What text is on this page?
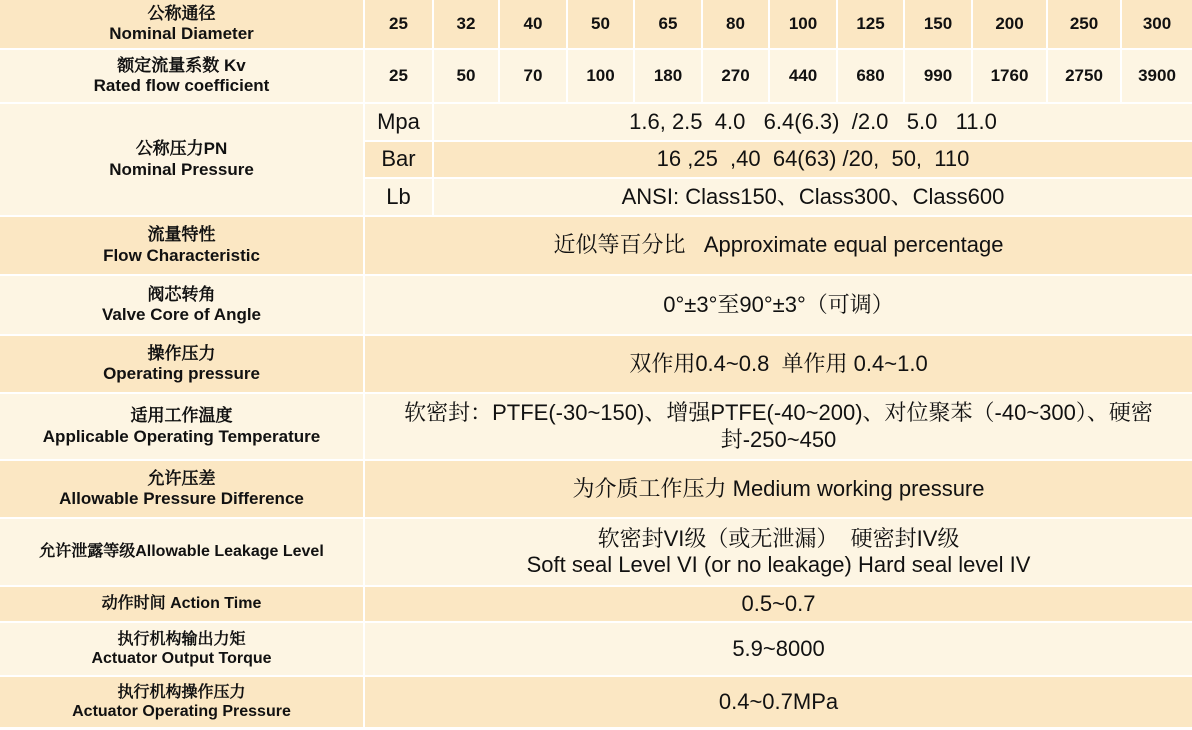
公称通径
Nominal Diameter	25	32	40	50	65	80	100	125	150	200	250	300

额定流量系数 Kv
Rated flow coefficient	25	50	70	100	180	270	440	680	990	1760	2750	3900

公称压力PN
Nominal Pressure	Mpa	1.6, 2.5  4.0   6.4(6.3)  /2.0   5.0   11.0										
	Bar	16 ,25  ,40  64(63) /20,  50,  110										
	Lb	ANSI: Class150、Class300、Class600										

流量特性
Flow Characteristic	近似等百分比   Approximate equal percentage											

阀芯转角
Valve Core of Angle	0°±3°至90°±3°（可调）											

操作压力
Operating pressure	双作用0.4~0.8  单作用 0.4~1.0											

适用工作温度
Applicable Operating Temperature	软密封：PTFE(-30~150)、增强PTFE(-40~200)、对位聚苯（-40~300）、硬密封-250~450											

允许压差
Allowable Pressure Difference	为介质工作压力 Medium working pressure											
允许泄露等级Allowable Leakage Level	软密封VI级（或无泄漏）  硬密封IV级
Soft seal Level VI (or no leakage) Hard seal level IV											

动作时间 Action Time	0.5~0.7											

执行机构输出力矩
Actuator Output Torque	5.9~8000											

执行机构操作压力
Actuator Operating Pressure	0.4~0.7MPa											
